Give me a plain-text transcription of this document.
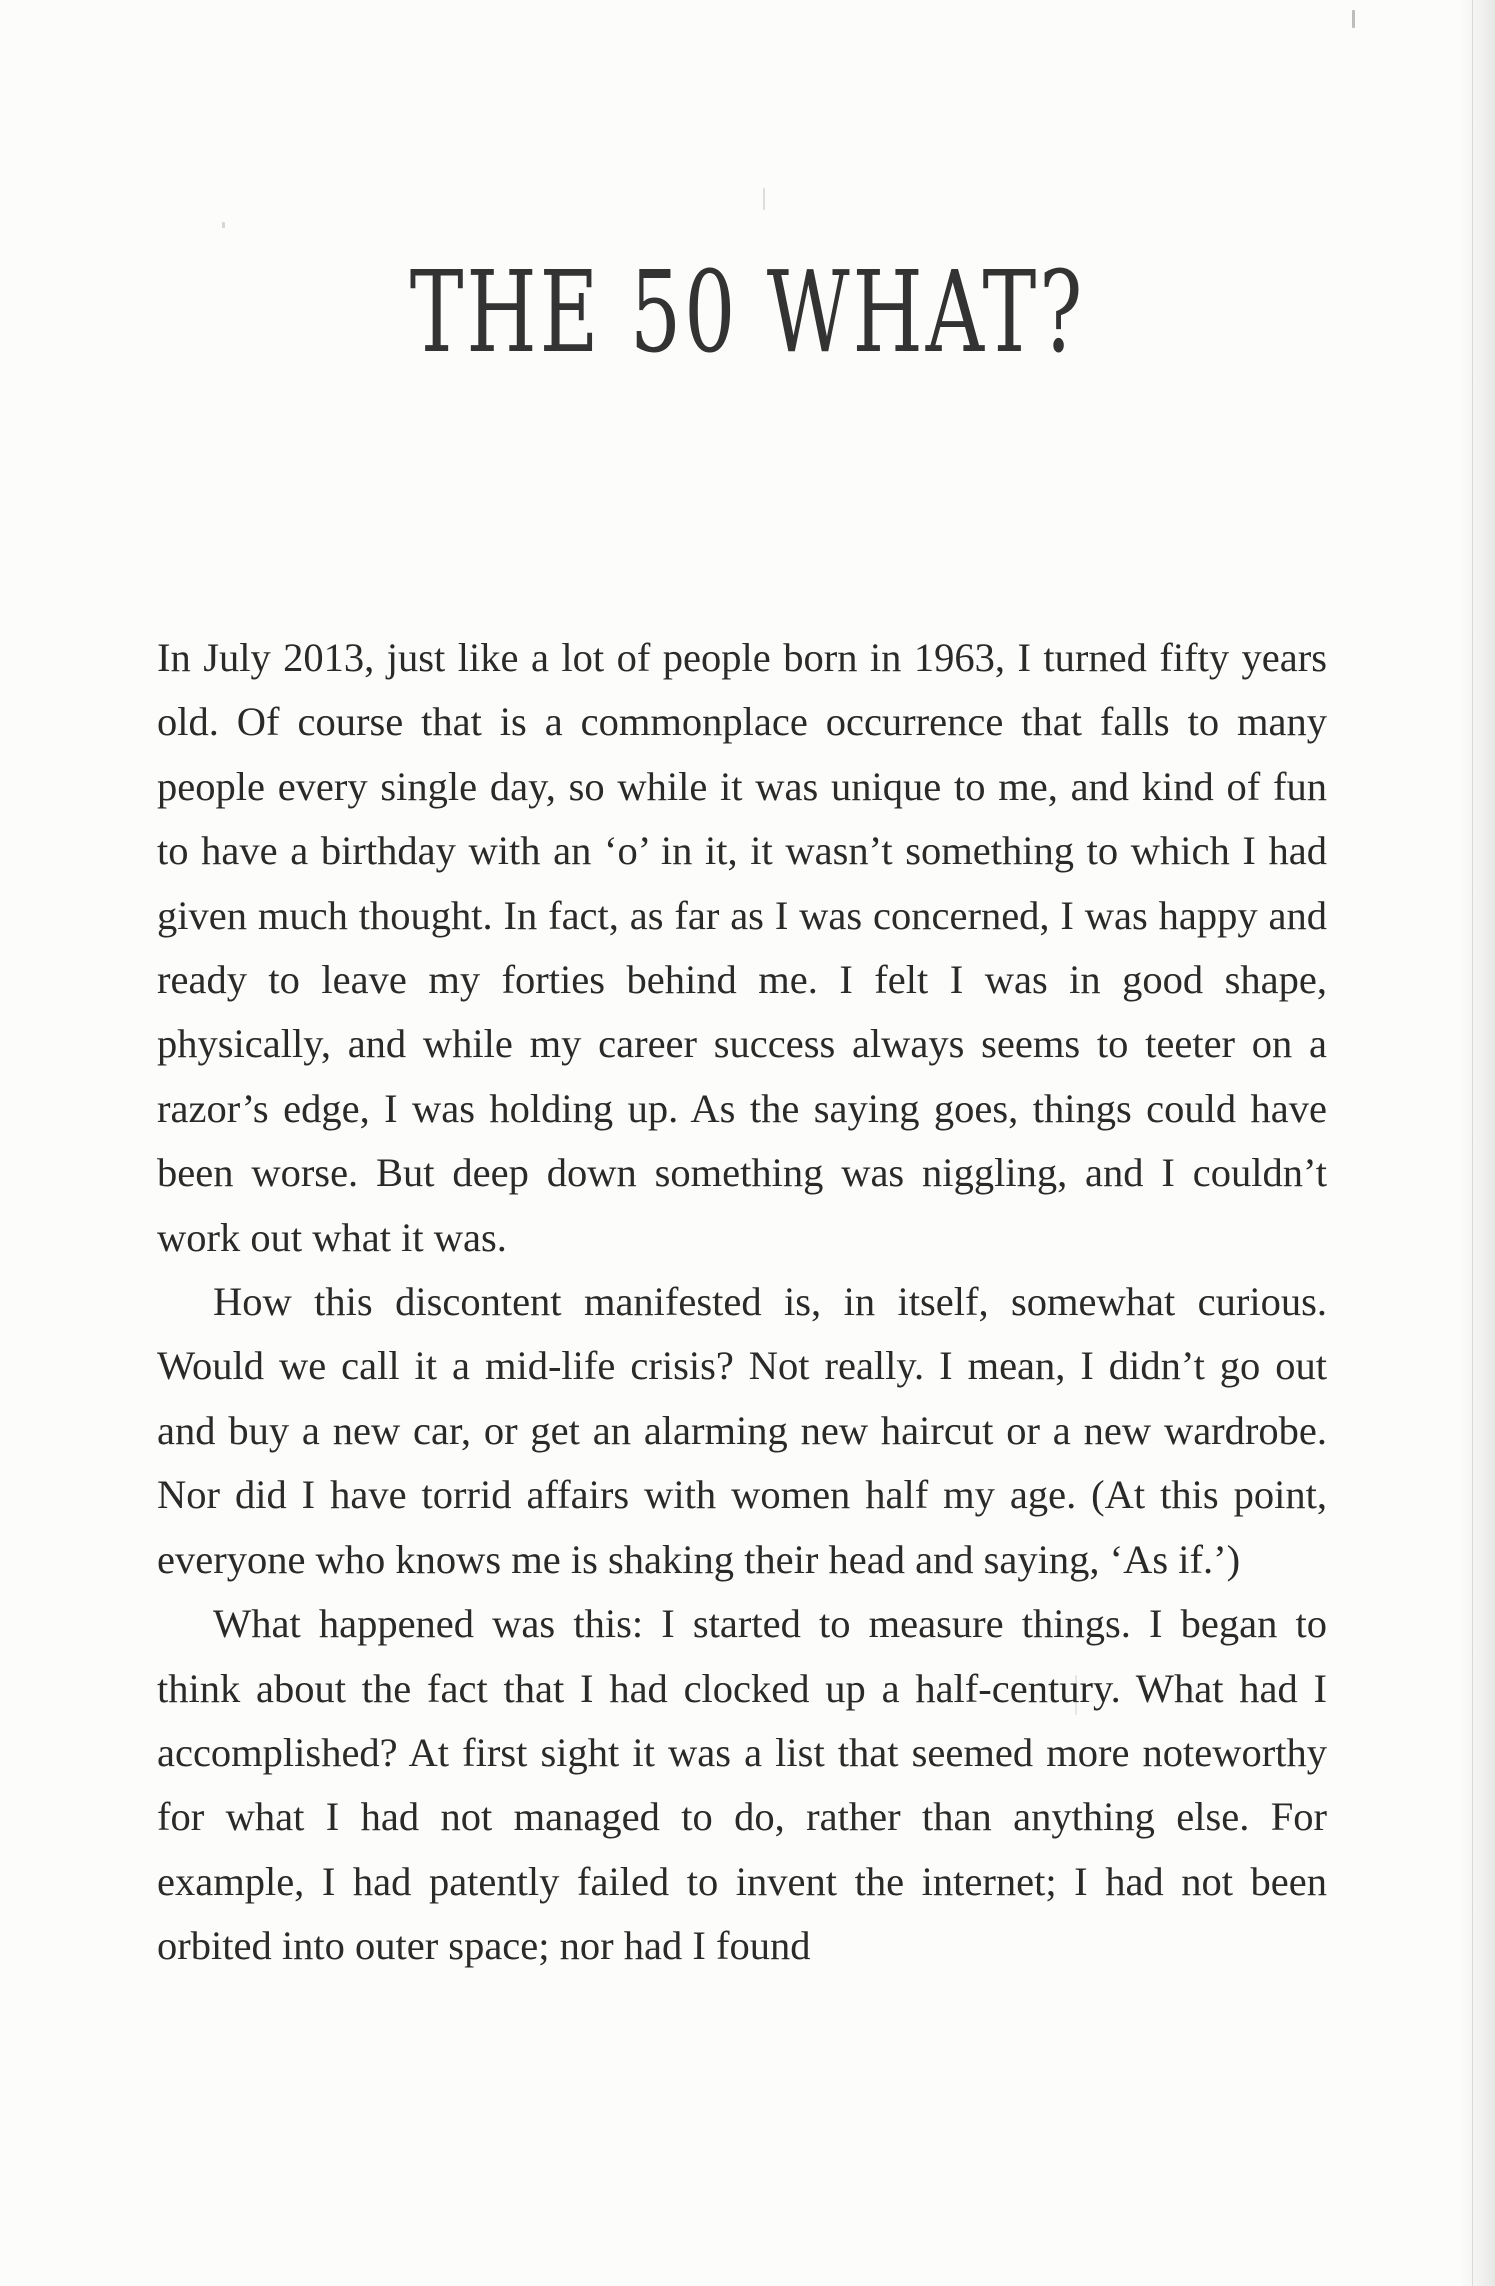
THE 50 WHAT?

In July 2013, just like a lot of people born in 1963, I turned fifty years old. Of course that is a commonplace occurrence that falls to many people every single day, so while it was unique to me, and kind of fun to have a birthday with an ‘o’ in it, it wasn’t something to which I had given much thought. In fact, as far as I was concerned, I was happy and ready to leave my forties behind me. I felt I was in good shape, physically, and while my career success always seems to teeter on a razor’s edge, I was holding up. As the saying goes, things could have been worse. But deep down something was niggling, and I couldn’t work out what it was.

How this discontent manifested is, in itself, somewhat curious. Would we call it a mid-life crisis? Not really. I mean, I didn’t go out and buy a new car, or get an alarming new haircut or a new wardrobe. Nor did I have torrid affairs with women half my age. (At this point, everyone who knows me is shaking their head and saying, ‘As if.’)

What happened was this: I started to measure things. I began to think about the fact that I had clocked up a half-century. What had I accomplished? At first sight it was a list that seemed more noteworthy for what I had not managed to do, rather than anything else. For example, I had patently failed to invent the internet; I had not been orbited into outer space; nor had I found
